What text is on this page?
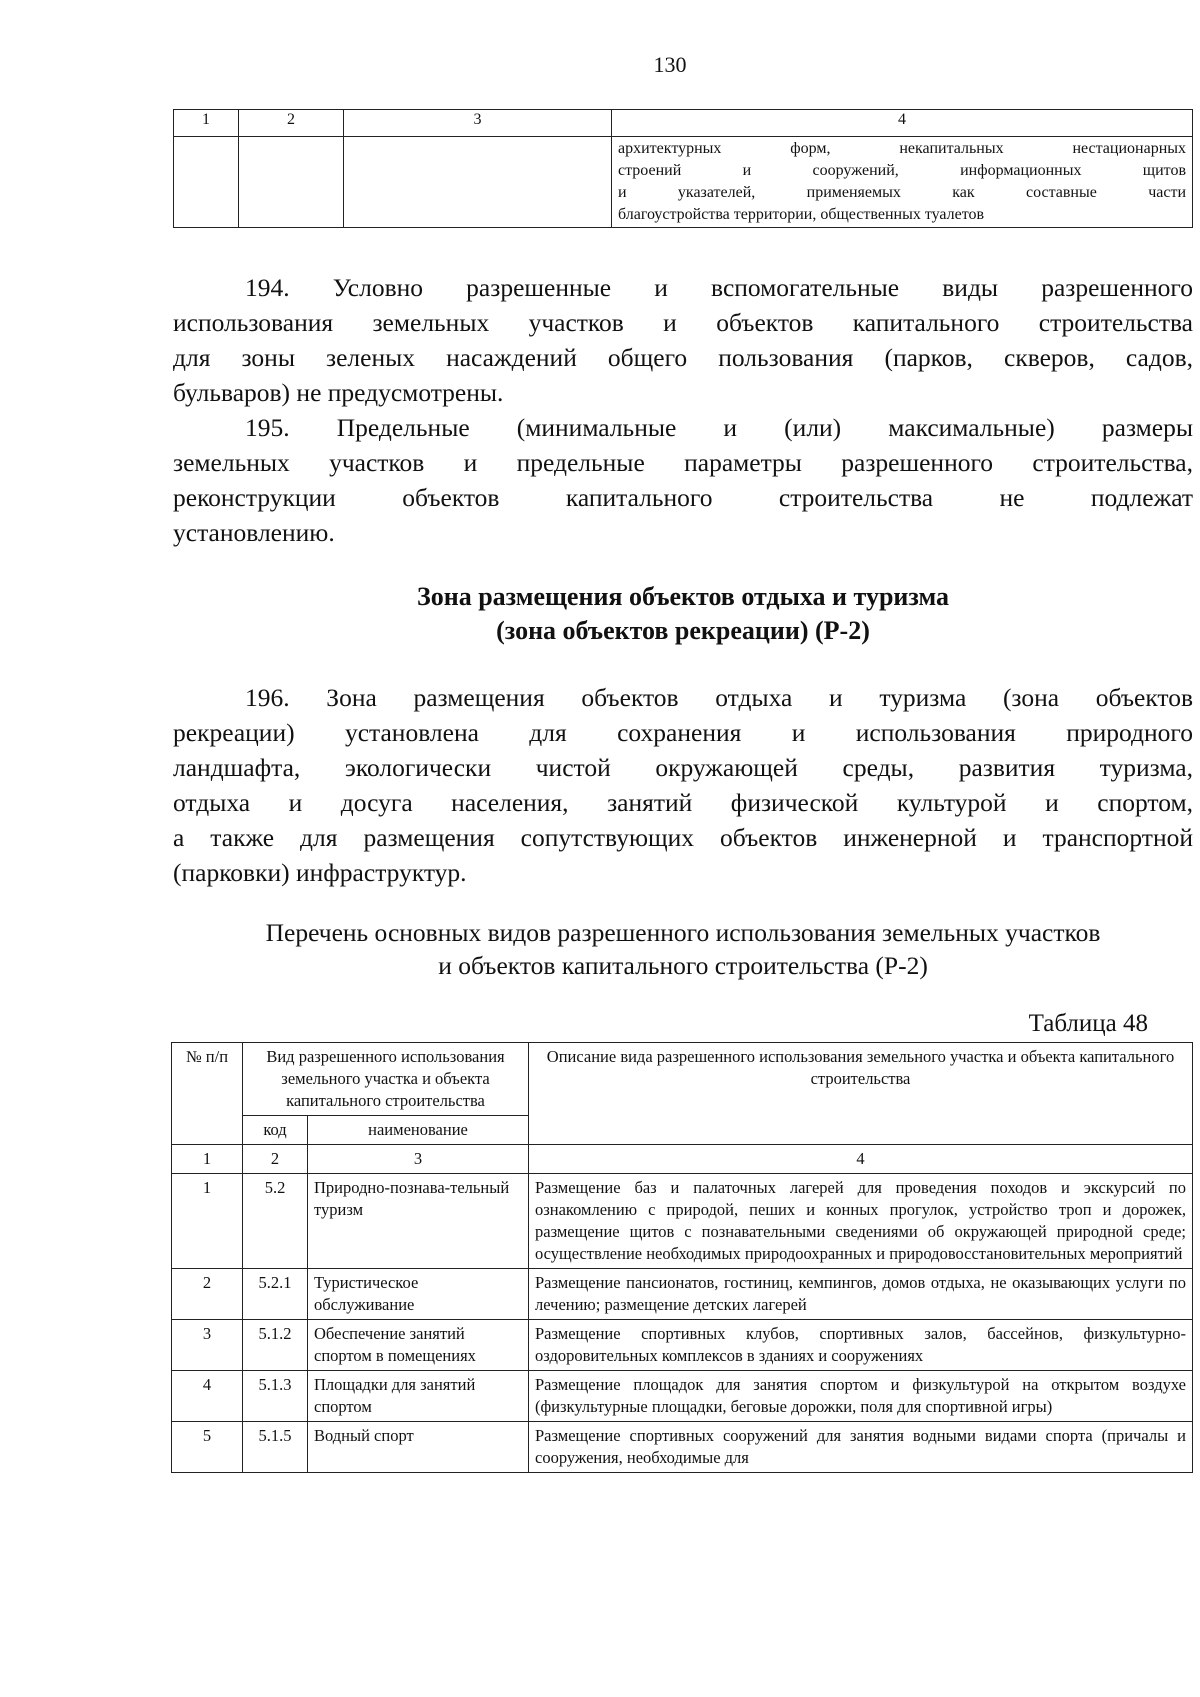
130
1	2	3	4

			архитектурных форм, некапитальных нестационарных
строений и сооружений, информационных щитов
и указателей, применяемых как составные части
благоустройства территории, общественных туалетов

194. Условно разрешенные и вспомогательные виды разрешенного
использования земельных участков и объектов капитального строительства
для зоны зеленых насаждений общего пользования (парков, скверов, садов,
бульваров) не предусмотрены.

195. Предельные (минимальные и (или) максимальные) размеры
земельных участков и предельные параметры разрешенного строительства,
реконструкции объектов капитального строительства не подлежат
установлению.

Зона размещения объектов отдыха и туризма
(зона объектов рекреации) (Р-2)

196. Зона размещения объектов отдыха и туризма (зона объектов
рекреации) установлена для сохранения и использования природного
ландшафта, экологически чистой окружающей среды, развития туризма,
отдыха и досуга населения, занятий физической культурой и спортом,
а также для размещения сопутствующих объектов инженерной и транспортной
(парковки) инфраструктур.

Перечень основных видов разрешенного использования земельных участков
и объектов капитального строительства (Р-2)
Таблица 48
№ п/п	Вид разрешенного использования земельного участка и объекта капитального строительства		Описание вида разрешенного использования земельного участка и объекта капитального строительства
	код	наименование	
1	2	3	4
1	5.2	Природно-познава-тельный туризм	Размещение баз и палаточных лагерей для проведения походов и экскурсий по ознакомлению с природой, пеших и конных прогулок, устройство троп и дорожек, размещение щитов с познавательными сведениями об окружающей природной среде; осуществление необходимых природоохранных и природовосстановительных мероприятий
2	5.2.1	Туристическое обслуживание	Размещение пансионатов, гостиниц, кемпингов, домов отдыха, не оказывающих услуги по лечению; размещение детских лагерей
3	5.1.2	Обеспечение занятий спортом в помещениях	Размещение спортивных клубов, спортивных залов, бассейнов, физкультурно-оздоровительных комплексов в зданиях и сооружениях
4	5.1.3	Площадки для занятий спортом	Размещение площадок для занятия спортом и физкультурой на открытом воздухе (физкультурные площадки, беговые дорожки, поля для спортивной игры)
5	5.1.5	Водный спорт	Размещение спортивных сооружений для занятия водными видами спорта (причалы и сооружения, необходимые для
